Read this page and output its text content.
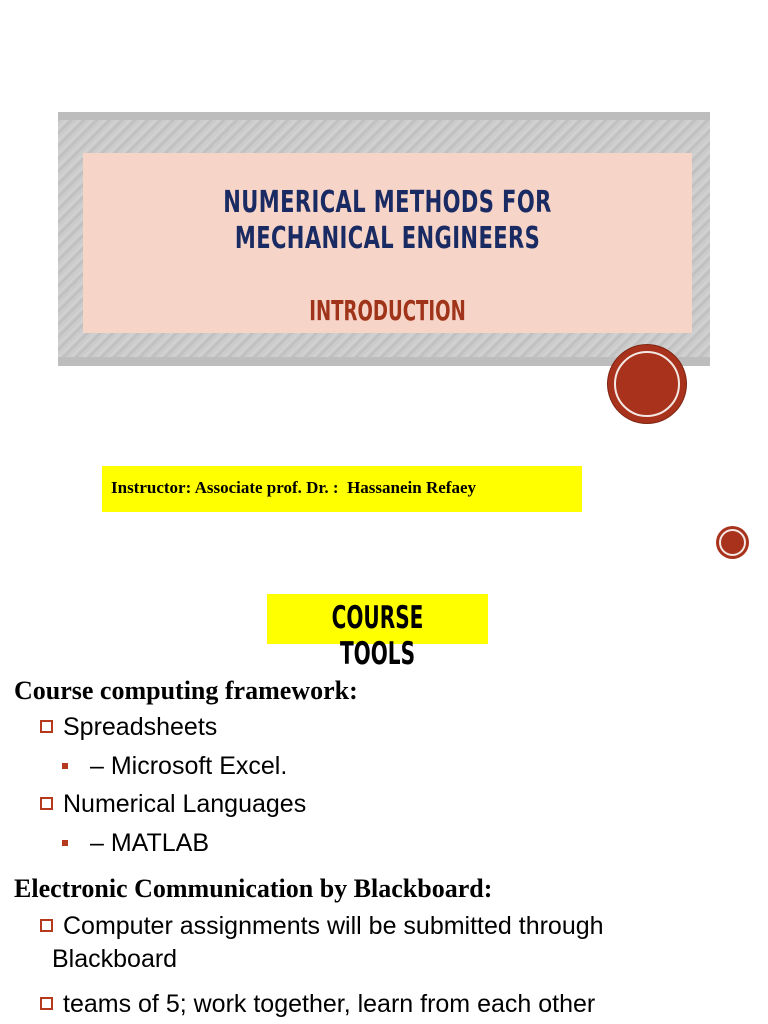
NUMERICAL METHODS FOR MECHANICAL ENGINEERS
INTRODUCTION
Instructor: Associate prof. Dr. :  Hassanein Refaey
COURSE TOOLS
Course computing framework:
Spreadsheets
– Microsoft Excel.
Numerical Languages
– MATLAB
Electronic Communication by Blackboard:
Computer assignments will be submitted through
Blackboard
teams of 5; work together, learn from each other
